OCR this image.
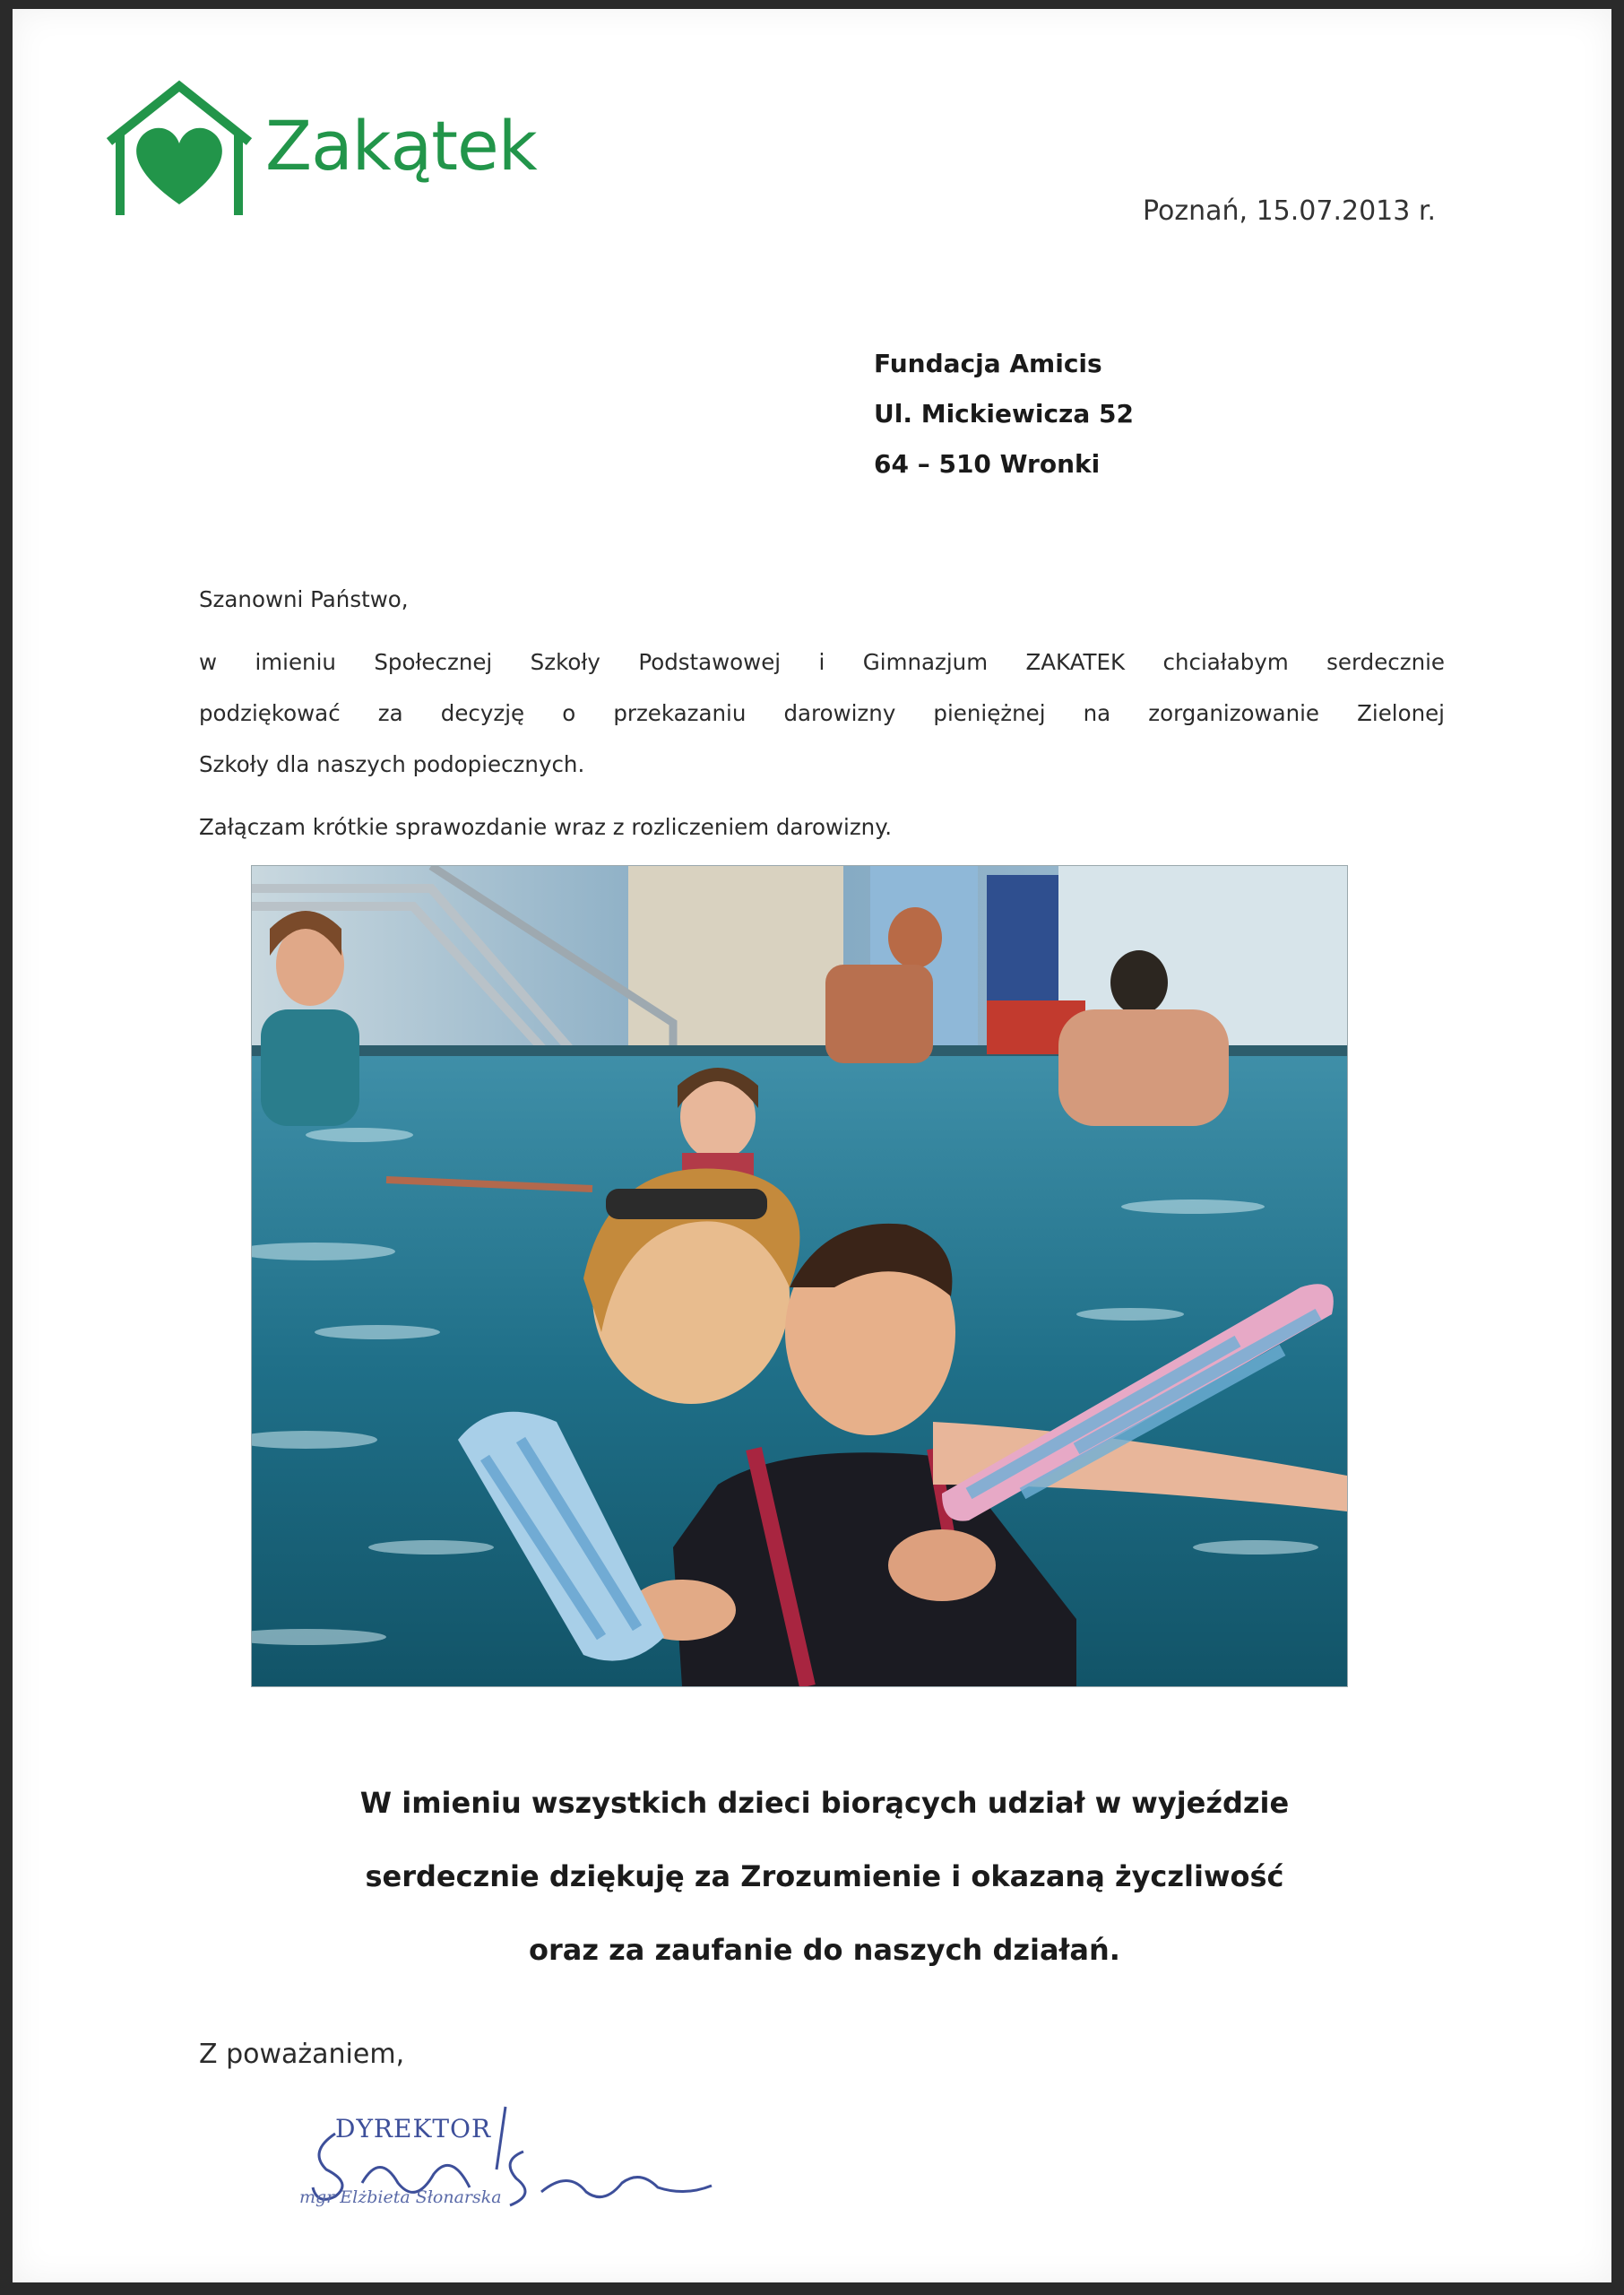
Zakątek
Poznań, 15.07.2013 r.
Fundacja Amicis
Ul. Mickiewicza 52
64 – 510 Wronki
Szanowni Państwo,
w imieniu Społecznej Szkoły Podstawowej i Gimnazjum ZAKATEK chciałabym serdecznie
podziękować za decyzję o przekazaniu darowizny pieniężnej na zorganizowanie Zielonej
Szkoły dla naszych podopiecznych.
Załączam krótkie sprawozdanie wraz z rozliczeniem darowizny.
W imieniu wszystkich dzieci biorących udział w wyjeździe
serdecznie dziękuję za Zrozumienie i okazaną życzliwość
oraz za zaufanie do naszych działań.
Z poważaniem,
DYREKTOR
mgr Elżbieta Słonarska
